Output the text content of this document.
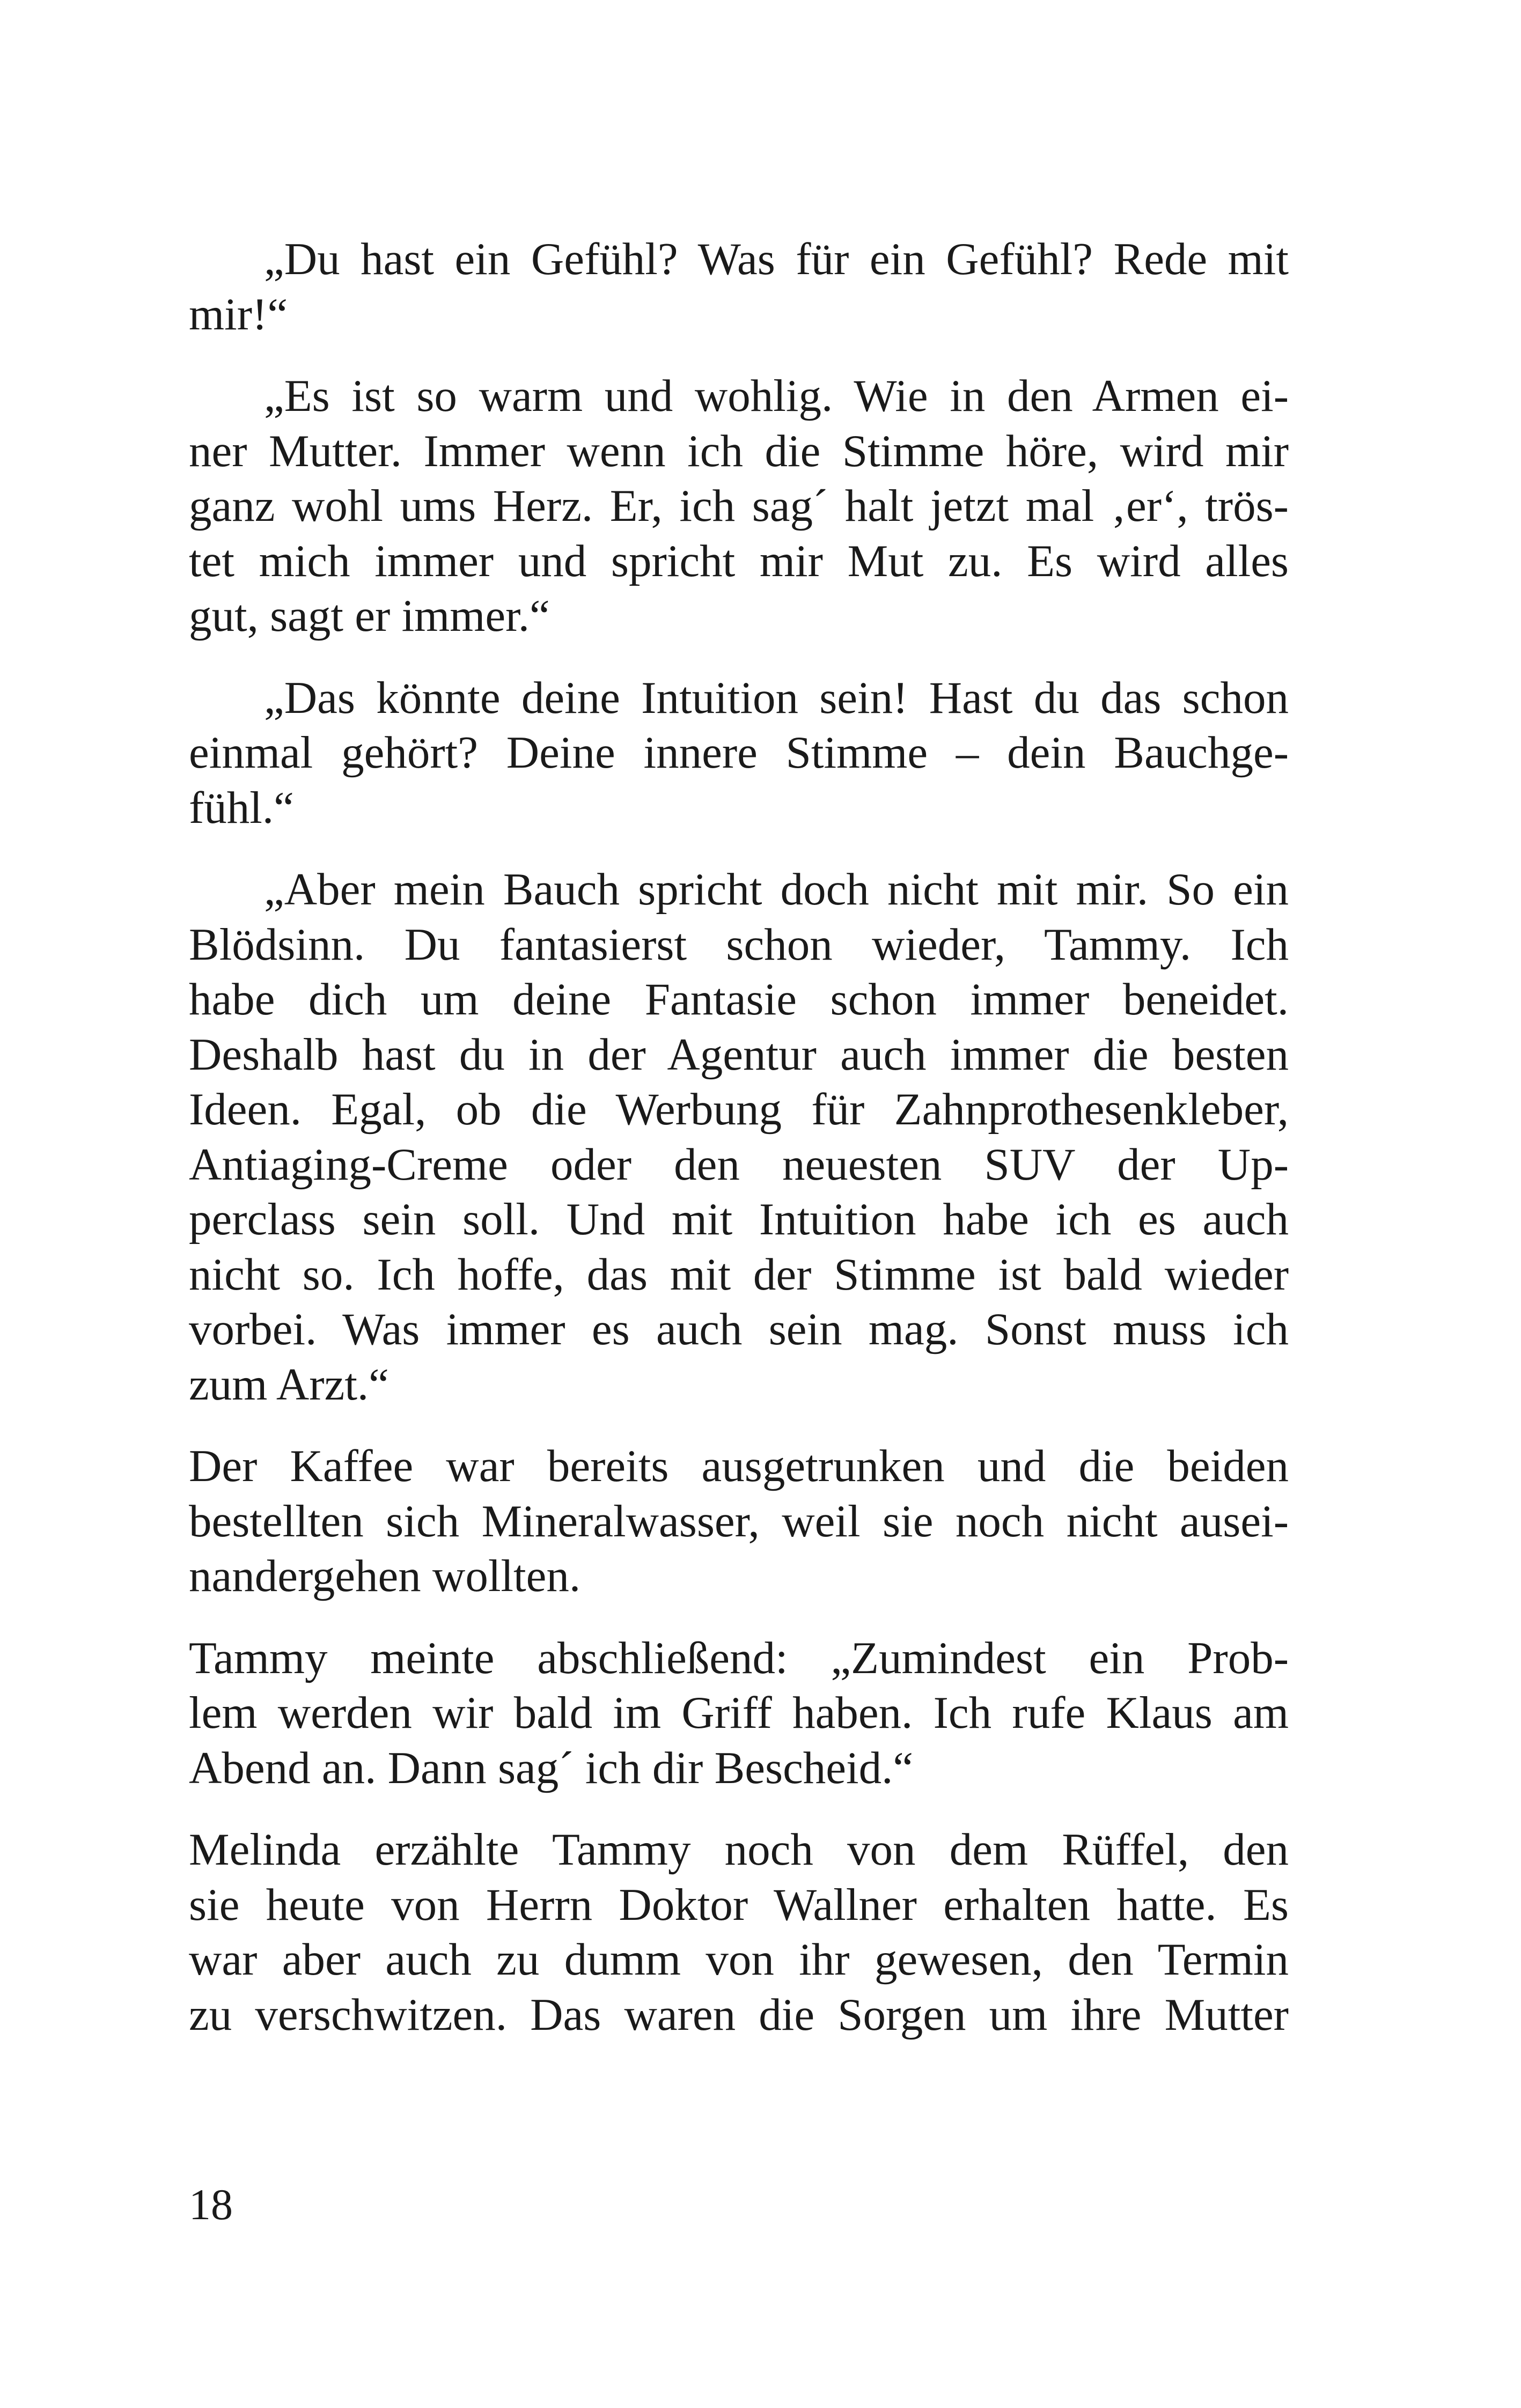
„Du hast ein Gefühl? Was für ein Gefühl? Rede mit
mir!“

„Es ist so warm und wohlig. Wie in den Armen ei-
ner Mutter. Immer wenn ich die Stimme höre, wird mir
ganz wohl ums Herz. Er, ich sag´ halt jetzt mal ‚er‘, trös-
tet mich immer und spricht mir Mut zu. Es wird alles
gut, sagt er immer.“

„Das könnte deine Intuition sein! Hast du das schon
einmal gehört? Deine innere Stimme – dein Bauchge-
fühl.“

„Aber mein Bauch spricht doch nicht mit mir. So ein
Blödsinn. Du fantasierst schon wieder, Tammy. Ich
habe dich um deine Fantasie schon immer beneidet.
Deshalb hast du in der Agentur auch immer die besten
Ideen. Egal, ob die Werbung für Zahnprothesenkleber,
Antiaging-Creme oder den neuesten SUV der Up-
perclass sein soll. Und mit Intuition habe ich es auch
nicht so. Ich hoffe, das mit der Stimme ist bald wieder
vorbei. Was immer es auch sein mag. Sonst muss ich
zum Arzt.“

Der Kaffee war bereits ausgetrunken und die beiden
bestellten sich Mineralwasser, weil sie noch nicht ausei-
nandergehen wollten.

Tammy meinte abschließend: „Zumindest ein Prob-
lem werden wir bald im Griff haben. Ich rufe Klaus am
Abend an. Dann sag´ ich dir Bescheid.“

Melinda erzählte Tammy noch von dem Rüffel, den
sie heute von Herrn Doktor Wallner erhalten hatte. Es
war aber auch zu dumm von ihr gewesen, den Termin
zu verschwitzen. Das waren die Sorgen um ihre Mutter

18
